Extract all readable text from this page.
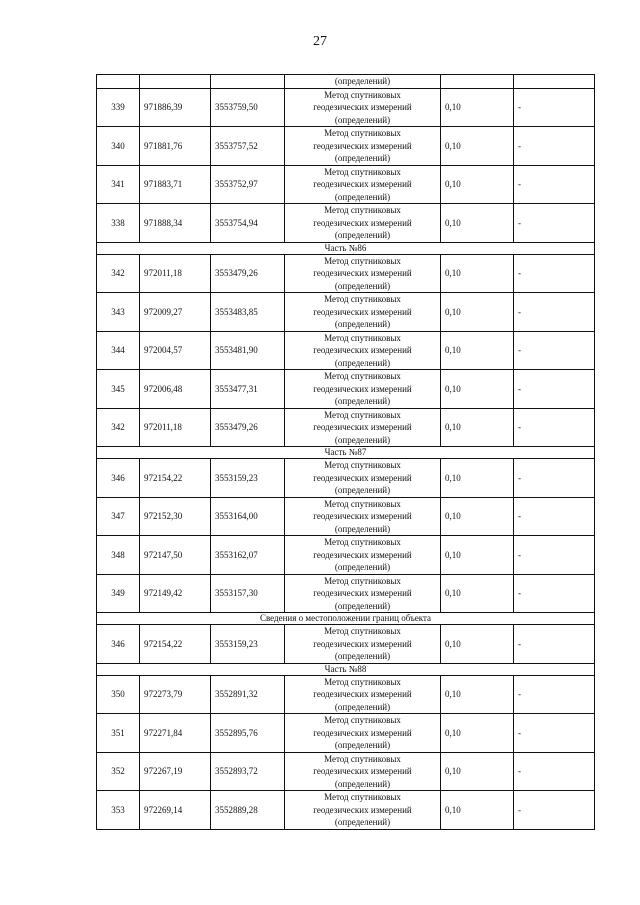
27
			(определений)		
339	971886,39	3553759,50	Метод спутниковых
геодезических измерений
(определений)	0,10	-
340	971881,76	3553757,52	Метод спутниковых
геодезических измерений
(определений)	0,10	-
341	971883,71	3553752,97	Метод спутниковых
геодезических измерений
(определений)	0,10	-
338	971888,34	3553754,94	Метод спутниковых
геодезических измерений
(определений)	0,10	-
Часть №86					
342	972011,18	3553479,26	Метод спутниковых
геодезических измерений
(определений)	0,10	-
343	972009,27	3553483,85	Метод спутниковых
геодезических измерений
(определений)	0,10	-
344	972004,57	3553481,90	Метод спутниковых
геодезических измерений
(определений)	0,10	-
345	972006,48	3553477,31	Метод спутниковых
геодезических измерений
(определений)	0,10	-
342	972011,18	3553479,26	Метод спутниковых
геодезических измерений
(определений)	0,10	-
Часть №87					
346	972154,22	3553159,23	Метод спутниковых
геодезических измерений
(определений)	0,10	-
347	972152,30	3553164,00	Метод спутниковых
геодезических измерений
(определений)	0,10	-
348	972147,50	3553162,07	Метод спутниковых
геодезических измерений
(определений)	0,10	-
349	972149,42	3553157,30	Метод спутниковых
геодезических измерений
(определений)	0,10	-
Сведения о местоположении границ объекта					
346	972154,22	3553159,23	Метод спутниковых
геодезических измерений
(определений)	0,10	-
Часть №88					
350	972273,79	3552891,32	Метод спутниковых
геодезических измерений
(определений)	0,10	-
351	972271,84	3552895,76	Метод спутниковых
геодезических измерений
(определений)	0,10	-
352	972267,19	3552893,72	Метод спутниковых
геодезических измерений
(определений)	0,10	-
353	972269,14	3552889,28	Метод спутниковых
геодезических измерений
(определений)	0,10	-
